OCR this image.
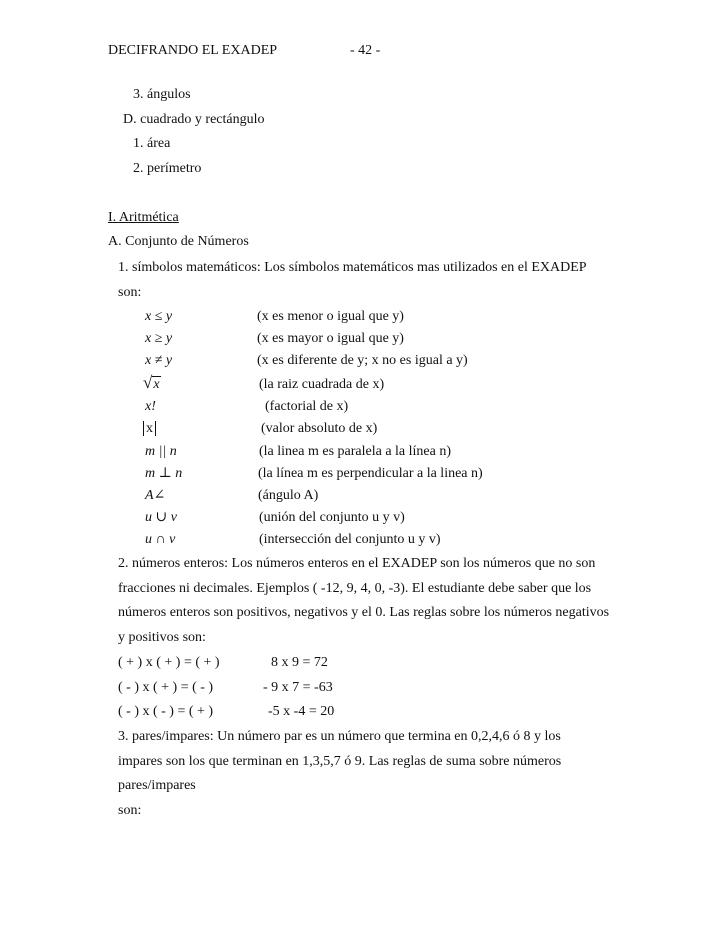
DECIFRANDO EL EXADEP	- 42 -
3. ángulos
D. cuadrado y rectángulo
1. área
2. perímetro
I. Aritmética
A. Conjunto de Números
1. símbolos matemáticos: Los símbolos matemáticos mas utilizados en el EXADEP
son:
x ≤ y	(x es menor o igual que y)
x ≥ y	(x es mayor o igual que y)
x ≠ y	(x es diferente de y; x no es igual a y)
√x	(la raiz cuadrada de x)
x!	(factorial de x)
x	(valor absoluto de x)
m || n	(la linea m es paralela a la línea n)
m ⊥ n	(la línea m es perpendicular a la linea n)
A∠	(ángulo A)
u ∪ v	(unión del conjunto u y v)
u ∩ v	(intersección del conjunto u y v)
2. números enteros: Los números enteros en el EXADEP son los números que no son
fracciones ni decimales. Ejemplos ( -12, 9, 4, 0, -3). El estudiante debe saber que los
números enteros son positivos, negativos y el 0. Las reglas sobre los números negativos
y positivos son:
( + ) x ( + ) = ( + )	8 x 9 = 72
( - ) x ( + ) = ( - )	- 9 x 7 = -63
( - ) x ( - ) = ( + )	-5 x -4 = 20
3. pares/impares: Un número par es un número que termina en 0,2,4,6 ó 8 y los
impares son los que terminan en 1,3,5,7 ó 9. Las reglas de suma sobre números
pares/impares
son:
